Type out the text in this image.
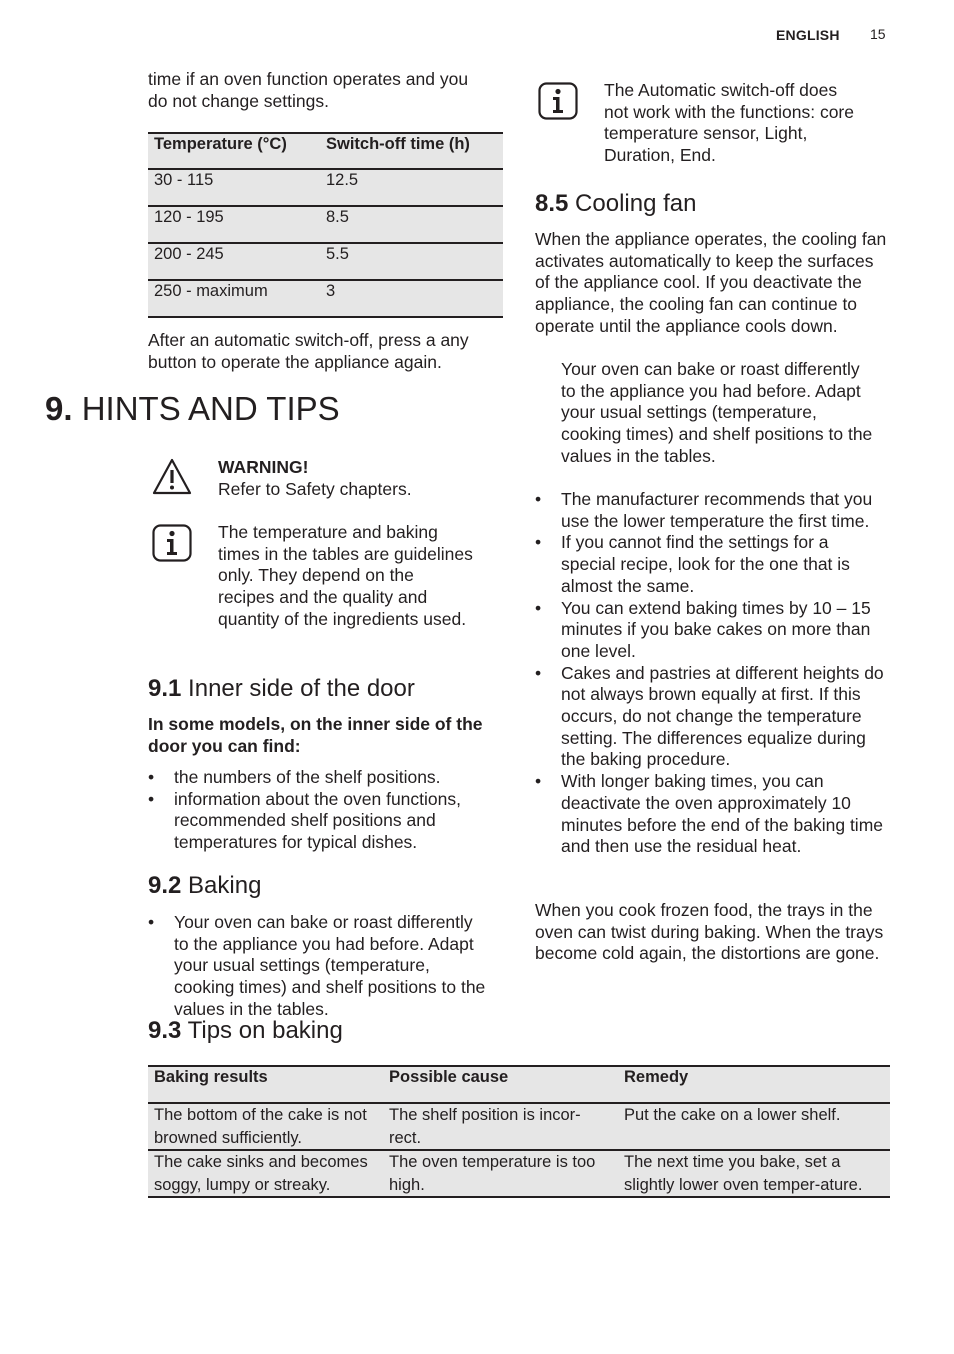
ENGLISH 15
time if an oven function operates and you do not change settings.
Temperature (°C)	Switch-off time (h)
30 - 115	12.5
120 - 195	8.5
200 - 245	5.5
250 - maximum	3
After an automatic switch-off, press a any button to operate the appliance again.
The Automatic switch-off does not work with the functions: core temperature sensor, Light, Duration, End.
8.5 Cooling fan
When the appliance operates, the cooling fan activates automatically to keep the surfaces of the appliance cool. If you deactivate the appliance, the cooling fan can continue to operate until the appliance cools down.
9. HINTS AND TIPS
WARNING!
Refer to Safety chapters.
The temperature and baking times in the tables are guidelines only. They depend on the recipes and the quality and quantity of the ingredients used.
9.1 Inner side of the door
In some models, on the inner side of the door you can find:
• the numbers of the shelf positions.
• information about the oven functions, recommended shelf positions and temperatures for typical dishes.
9.2 Baking
• Your oven can bake or roast differently to the appliance you had before. Adapt your usual settings (temperature, cooking times) and shelf positions to the values in the tables.
Your oven can bake or roast differently to the appliance you had before. Adapt your usual settings (temperature, cooking times) and shelf positions to the values in the tables.
• The manufacturer recommends that you use the lower temperature the first time.
• If you cannot find the settings for a special recipe, look for the one that is almost the same.
• You can extend baking times by 10 – 15 minutes if you bake cakes on more than one level.
• Cakes and pastries at different heights do not always brown equally at first. If this occurs, do not change the temperature setting. The differences equalize during the baking procedure.
• With longer baking times, you can deactivate the oven approximately 10 minutes before the end of the baking time and then use the residual heat.
When you cook frozen food, the trays in the oven can twist during baking. When the trays become cold again, the distortions are gone.
9.3 Tips on baking
Baking results	Possible cause	Remedy
The bottom of the cake is not browned sufficiently.	The shelf position is incor-rect.	Put the cake on a lower shelf.
The cake sinks and becomes soggy, lumpy or streaky.	The oven temperature is too high.	The next time you bake, set a slightly lower oven temper-ature.
